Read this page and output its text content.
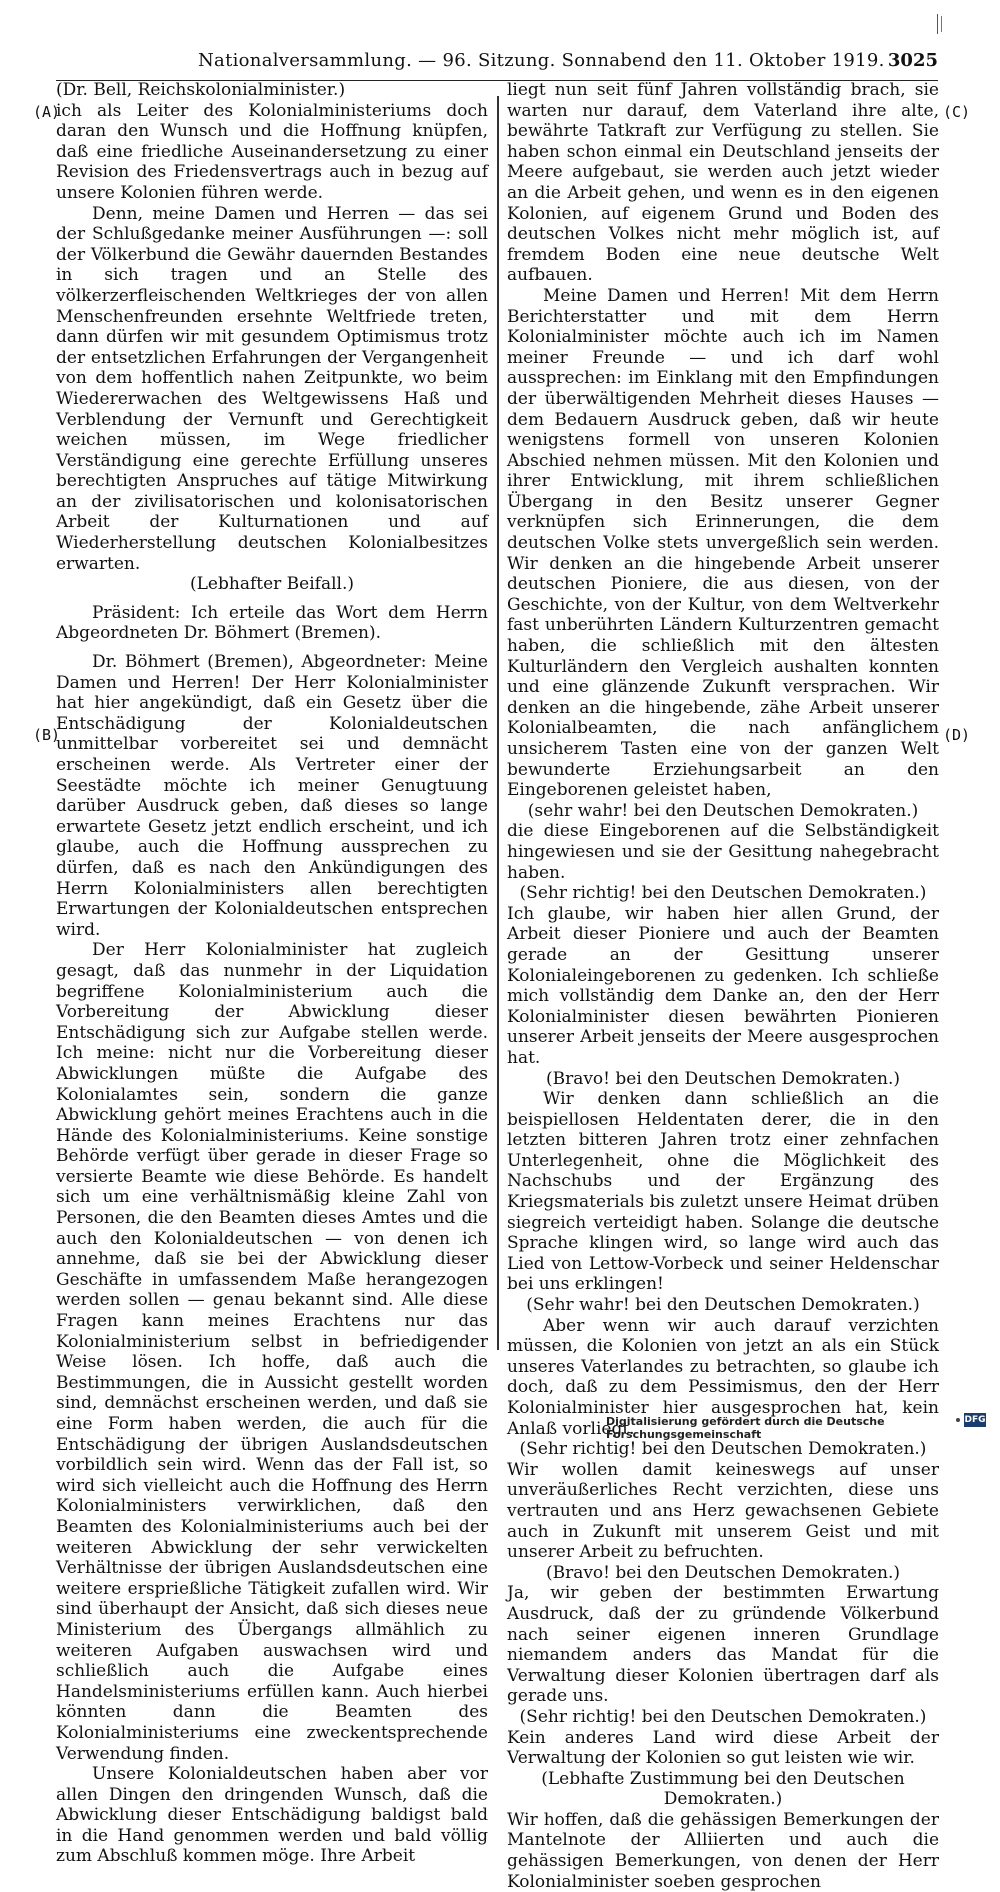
Nationalversammlung. — 96. Sitzung. Sonnabend den 11. Oktober 1919. 3025
(A)
(B)
(C)
(D)

(Dr. Bell, Reichskolonialminister.)

ich als Leiter des Kolonialministeriums doch daran den Wunsch und die Hoffnung knüpfen, daß eine friedliche Auseinandersetzung zu einer Revision des Friedensvertrags auch in bezug auf unsere Kolonien führen werde.

Denn, meine Damen und Herren — das sei der Schlußgedanke meiner Ausführungen —: soll der Völkerbund die Gewähr dauernden Bestandes in sich tragen und an Stelle des völkerzerfleischenden Weltkrieges der von allen Menschenfreunden ersehnte Weltfriede treten, dann dürfen wir mit gesundem Optimismus trotz der entsetzlichen Erfahrungen der Vergangenheit von dem hoffentlich nahen Zeitpunkte, wo beim Wiedererwachen des Weltgewissens Haß und Verblendung der Vernunft und Gerechtigkeit weichen müssen, im Wege friedlicher Verständigung eine gerechte Erfüllung unseres berechtigten Anspruches auf tätige Mitwirkung an der zivilisatorischen und kolonisatorischen Arbeit der Kulturnationen und auf Wiederherstellung deutschen Kolonialbesitzes erwarten.

(Lebhafter Beifall.)

Präsident: Ich erteile das Wort dem Herrn Abgeordneten Dr. Böhmert (Bremen).

Dr. Böhmert (Bremen), Abgeordneter: Meine Damen und Herren! Der Herr Kolonialminister hat hier angekündigt, daß ein Gesetz über die Entschädigung der Kolonialdeutschen unmittelbar vorbereitet sei und demnächt erscheinen werde. Als Vertreter einer der Seestädte möchte ich meiner Genugtuung darüber Ausdruck geben, daß dieses so lange erwartete Gesetz jetzt endlich erscheint, und ich glaube, auch die Hoffnung aussprechen zu dürfen, daß es nach den Ankündigungen des Herrn Kolonialministers allen berechtigten Erwartungen der Kolonialdeutschen entsprechen wird.

Der Herr Kolonialminister hat zugleich gesagt, daß das nunmehr in der Liquidation begriffene Kolonialministerium auch die Vorbereitung der Abwicklung dieser Entschädigung sich zur Aufgabe stellen werde. Ich meine: nicht nur die Vorbereitung dieser Abwicklungen müßte die Aufgabe des Kolonialamtes sein, sondern die ganze Abwicklung gehört meines Erachtens auch in die Hände des Kolonialministeriums. Keine sonstige Behörde verfügt über gerade in dieser Frage so versierte Beamte wie diese Behörde. Es handelt sich um eine verhältnismäßig kleine Zahl von Personen, die den Beamten dieses Amtes und die auch den Kolonialdeutschen — von denen ich annehme, daß sie bei der Abwicklung dieser Geschäfte in umfassendem Maße herangezogen werden sollen — genau bekannt sind. Alle diese Fragen kann meines Erachtens nur das Kolonialministerium selbst in befriedigender Weise lösen. Ich hoffe, daß auch die Bestimmungen, die in Aussicht gestellt worden sind, demnächst erscheinen werden, und daß sie eine Form haben werden, die auch für die Entschädigung der übrigen Auslandsdeutschen vorbildlich sein wird. Wenn das der Fall ist, so wird sich vielleicht auch die Hoffnung des Herrn Kolonialministers verwirklichen, daß den Beamten des Kolonialministeriums auch bei der weiteren Abwicklung der sehr verwickelten Verhältnisse der übrigen Auslandsdeutschen eine weitere ersprießliche Tätigkeit zufallen wird. Wir sind überhaupt der Ansicht, daß sich dieses neue Ministerium des Übergangs allmählich zu weiteren Aufgaben auswachsen wird und schließlich auch die Aufgabe eines Handelsministeriums erfüllen kann. Auch hierbei könnten dann die Beamten des Kolonialministeriums eine zweckentsprechende Verwendung finden.

Unsere Kolonialdeutschen haben aber vor allen Dingen den dringenden Wunsch, daß die Abwicklung dieser Entschädigung baldigst bald in die Hand genommen werden und bald völlig zum Abschluß kommen möge. Ihre Arbeit

liegt nun seit fünf Jahren vollständig brach, sie warten nur darauf, dem Vaterland ihre alte, bewährte Tatkraft zur Verfügung zu stellen. Sie haben schon einmal ein Deutschland jenseits der Meere aufgebaut, sie werden auch jetzt wieder an die Arbeit gehen, und wenn es in den eigenen Kolonien, auf eigenem Grund und Boden des deutschen Volkes nicht mehr möglich ist, auf fremdem Boden eine neue deutsche Welt aufbauen.

Meine Damen und Herren! Mit dem Herrn Berichterstatter und mit dem Herrn Kolonialminister möchte auch ich im Namen meiner Freunde — und ich darf wohl aussprechen: im Einklang mit den Empfindungen der überwältigenden Mehrheit dieses Hauses — dem Bedauern Ausdruck geben, daß wir heute wenigstens formell von unseren Kolonien Abschied nehmen müssen. Mit den Kolonien und ihrer Entwicklung, mit ihrem schließlichen Übergang in den Besitz unserer Gegner verknüpfen sich Erinnerungen, die dem deutschen Volke stets unvergeßlich sein werden. Wir denken an die hingebende Arbeit unserer deutschen Pioniere, die aus diesen, von der Geschichte, von der Kultur, von dem Weltverkehr fast unberührten Ländern Kulturzentren gemacht haben, die schließlich mit den ältesten Kulturländern den Vergleich aushalten konnten und eine glänzende Zukunft versprachen. Wir denken an die hingebende, zähe Arbeit unserer Kolonialbeamten, die nach anfänglichem unsicherem Tasten eine von der ganzen Welt bewunderte Erziehungsarbeit an den Eingeborenen geleistet haben,

(sehr wahr! bei den Deutschen Demokraten.)

die diese Eingeborenen auf die Selbständigkeit hingewiesen und sie der Gesittung nahegebracht haben.

(Sehr richtig! bei den Deutschen Demokraten.)

Ich glaube, wir haben hier allen Grund, der Arbeit dieser Pioniere und auch der Beamten gerade an der Gesittung unserer Kolonialeingeborenen zu gedenken. Ich schließe mich vollständig dem Danke an, den der Herr Kolonialminister diesen bewährten Pionieren unserer Arbeit jenseits der Meere ausgesprochen hat.

(Bravo! bei den Deutschen Demokraten.)

Wir denken dann schließlich an die beispiellosen Heldentaten derer, die in den letzten bitteren Jahren trotz einer zehnfachen Unterlegenheit, ohne die Möglichkeit des Nachschubs und der Ergänzung des Kriegsmaterials bis zuletzt unsere Heimat drüben siegreich verteidigt haben. Solange die deutsche Sprache klingen wird, so lange wird auch das Lied von Lettow-Vorbeck und seiner Heldenschar bei uns erklingen!

(Sehr wahr! bei den Deutschen Demokraten.)

Aber wenn wir auch darauf verzichten müssen, die Kolonien von jetzt an als ein Stück unseres Vaterlandes zu betrachten, so glaube ich doch, daß zu dem Pessimismus, den der Herr Kolonialminister hier ausgesprochen hat, kein Anlaß vorliegt.

(Sehr richtig! bei den Deutschen Demokraten.)

Wir wollen damit keineswegs auf unser unveräußerliches Recht verzichten, diese uns vertrauten und ans Herz gewachsenen Gebiete auch in Zukunft mit unserem Geist und mit unserer Arbeit zu befruchten.

(Bravo! bei den Deutschen Demokraten.)

Ja, wir geben der bestimmten Erwartung Ausdruck, daß der zu gründende Völkerbund nach seiner eigenen inneren Grundlage niemandem anders das Mandat für die Verwaltung dieser Kolonien übertragen darf als gerade uns.

(Sehr richtig! bei den Deutschen Demokraten.)

Kein anderes Land wird diese Arbeit der Verwaltung der Kolonien so gut leisten wie wir.

(Lebhafte Zustimmung bei den Deutschen Demokraten.)

Wir hoffen, daß die gehässigen Bemerkungen der Mantelnote der Alliierten und auch die gehässigen Bemerkungen, von denen der Herr Kolonialminister soeben gesprochen

Digitalisierung gefördert durch die Deutsche Forschungsgemeinschaft
DFG
